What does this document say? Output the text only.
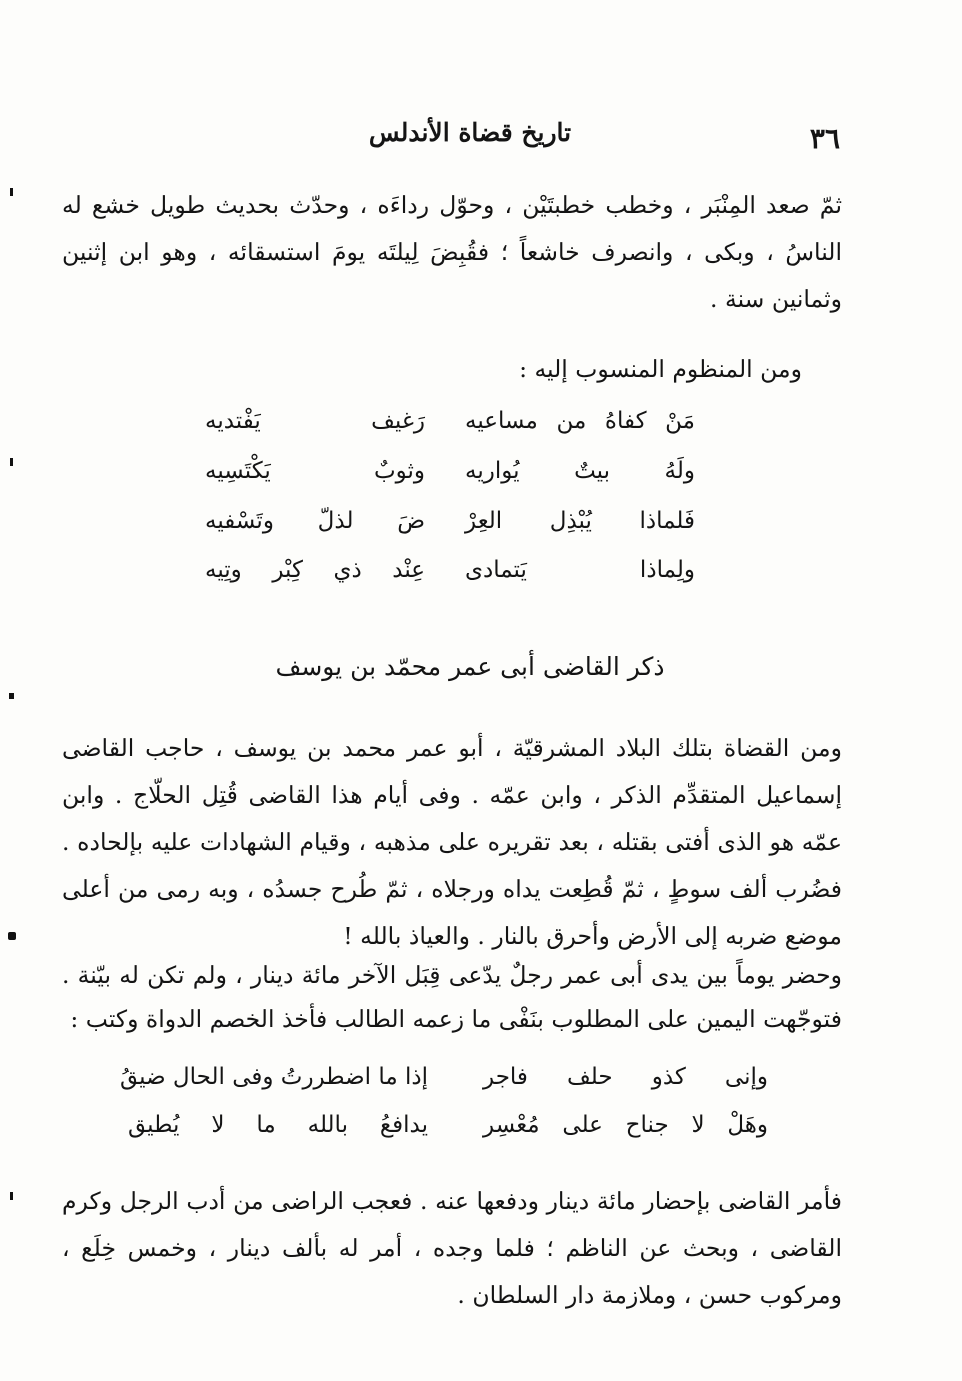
٣٦
تاريخ قضاة الأندلس
ثمّ صعد المِنْبَر ، وخطب خطبتَيْن ، وحوّل رداءَه ، وحدّث بحديث طويل خشع له الناسُ ، وبكى ، وانصرف خاشعاً ؛ فقُبِضَ لِيلتَه يومَ استسقائه ، وهو ابن إثنين وثمانين سنة .
ومن المنظوم المنسوب إليه :
مَنْ كفاهُ من مساعيه
رَغيف يَفْتديه
ولَهُ بيتٌ يُواريه
وثوبٌ يَكْتَسِيه
فَلماذا يُبْذِل العِرْ
ضَ لذلّ وتَسْفيه
ولِماذا يَتمادى
عِنْد ذي كِبْر وتِيه
ذكر القاضى أبى عمر محمّد بن يوسف
ومن القضاة بتلك البلاد المشرقيّة ، أبو عمر محمد بن يوسف ، حاجب القاضى إسماعيل المتقدِّم الذكر ، وابن عمّه . وفى أيام هذا القاضى قُتِل الحلّاج . وابن عمّه هو الذى أفتى بقتله ، بعد تقريره على مذهبه ، وقيام الشهادات عليه بإلحاده . فضُرب ألف سوطٍ ، ثمّ قُطِعت يداه ورجلاه ، ثمّ طُرح جسدُه ، وبه رمى من أعلى موضع ضربه إلى الأرض وأحرق بالنار . والعياذ بالله !
وحضر يوماً بين يدى أبى عمر رجلٌ يدّعى قِبَل الآخر مائة دينار ، ولم تكن له بيّنة . فتوجّهت اليمين على المطلوب بنَفْى ما زعمه الطالب فأخذ الخصم الدواة وكتب :
وإنى كذو حلف فاجر
إذا ما اضطررتُ وفى الحال ضيقُ
وهَلْ لا جناح على مُعْسِر
يدافعُ بالله ما لا يُطيق
فأمر القاضى بإحضار مائة دينار ودفعها عنه . فعجب الراضى من أدب الرجل وكرم القاضى ، وبحث عن الناظم ؛ فلما وجده ، أمر له بألف دينار ، وخمس خِلَع ، ومركوب حسن ، وملازمة دار السلطان .
